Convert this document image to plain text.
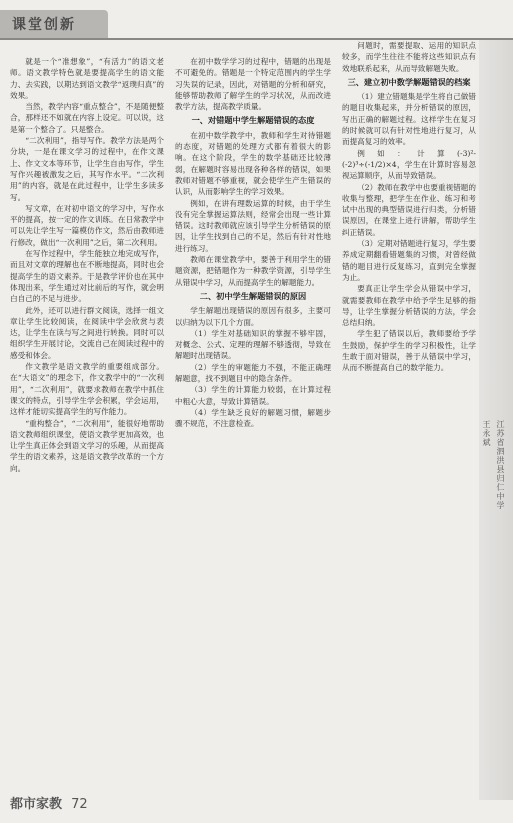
课堂创新

就是一个“准想象”，“有活力”的语文老师。语文教学特色就是要提高学生的语文能力、去实践，以期达到语文教学“返璞归真”的效果。

当然，教学内容“重点整合”，不是随便整合，那样还不如就在内容上设定。可以说，这是第一个整合了。只是整合。

“二次利用”，指导写作。教学方法是两个分块，一是在课文学习的过程中，在作文课上、作文文本等环节，让学生自由写作，学生写作兴趣被激发之后，其写作水平。“二次利用”的内容，就是在此过程中，让学生多读多写。

写文章，在对初中语文的学习中，写作水平的提高，按一定的作文训练。在日常教学中可以先让学生写一篇模仿作文，然后由教师进行修改，做出“一次利用”之后，第二次利用。

在写作过程中，学生能独立地完成写作，而且对文章的理解也在不断地提高，同时也会提高学生的语文素养。于是教学评价也在其中体现出来，学生通过对比前后的写作，就会明白自己的不足与进步。

此外，还可以进行群文阅读，选择一组文章让学生比较阅读，在阅读中学会欣赏与表达，让学生在读与写之间进行转换。同时可以组织学生开展讨论，交流自己在阅读过程中的感受和体会。

作文教学是语文教学的重要组成部分。在“大语文”的理念下，作文教学中的“一次利用”，“二次利用”，就要求教师在教学中抓住课文的特点，引导学生学会积累，学会运用，这样才能切实提高学生的写作能力。

“重构整合”，“二次利用”，能很好地帮助语文教师组织课堂，使语文教学更加高效，也让学生真正体会到语文学习的乐趣，从而提高学生的语文素养，这是语文教学改革的一个方向。

在初中数学学习的过程中，错题的出现是不可避免的。错题是一个特定范围内的学生学习失误的记录，因此，对错题的分析和研究，能够帮助教师了解学生的学习状况，从而改进教学方法，提高教学质量。

一、对错题中学生解题错误的态度

在初中数学教学中，教师和学生对待错题的态度，对错题的处理方式都有着很大的影响。在这个阶段，学生的数学基础还比较薄弱，在解题时容易出现各种各样的错误，如果教师对错题不够重视，就会使学生产生错误的认识，从而影响学生的学习效果。

例如，在讲有理数运算的时候，由于学生没有完全掌握运算法则，经常会出现一些计算错误。这时教师就应该引导学生分析错误的原因，让学生找到自己的不足，然后有针对性地进行练习。

教师在课堂教学中，要善于利用学生的错题资源，把错题作为一种教学资源，引导学生从错误中学习，从而提高学生的解题能力。

二、初中学生解题错误的原因

学生解题出现错误的原因有很多，主要可以归纳为以下几个方面。

（1）学生对基础知识的掌握不够牢固，对概念、公式、定理的理解不够透彻，导致在解题时出现错误。

（2）学生的审题能力不强，不能正确理解题意，找不到题目中的隐含条件。

（3）学生的计算能力较弱，在计算过程中粗心大意，导致计算错误。

（4）学生缺乏良好的解题习惯，解题步骤不规范，不注意检查。

问题时，需要提取、运用的知识点较多，而学生往往不能将这些知识点有效地联系起来，从而导致解题失败。

三、建立初中数学解题错误的档案

（1）建立错题集是学生将自己做错的题目收集起来，并分析错误的原因，写出正确的解题过程。这样学生在复习的时候就可以有针对性地进行复习，从而提高复习的效率。

例如：计算(-3)²-(-2)³÷(-1/2)×4，学生在计算时容易忽视运算顺序，从而导致错误。

（2）教师在教学中也要重视错题的收集与整理，把学生在作业、练习和考试中出现的典型错误进行归类，分析错误原因，在课堂上进行讲解，帮助学生纠正错误。

（3）定期对错题进行复习，学生要养成定期翻看错题集的习惯，对曾经做错的题目进行反复练习，直到完全掌握为止。

要真正让学生学会从错误中学习，就需要教师在教学中给予学生足够的指导，让学生掌握分析错误的方法，学会总结归纳。

学生犯了错误以后，教师要给予学生鼓励，保护学生的学习积极性，让学生敢于面对错误，善于从错误中学习，从而不断提高自己的数学能力。

江苏省泗洪县归仁中学
王永斌
都市家教 72
